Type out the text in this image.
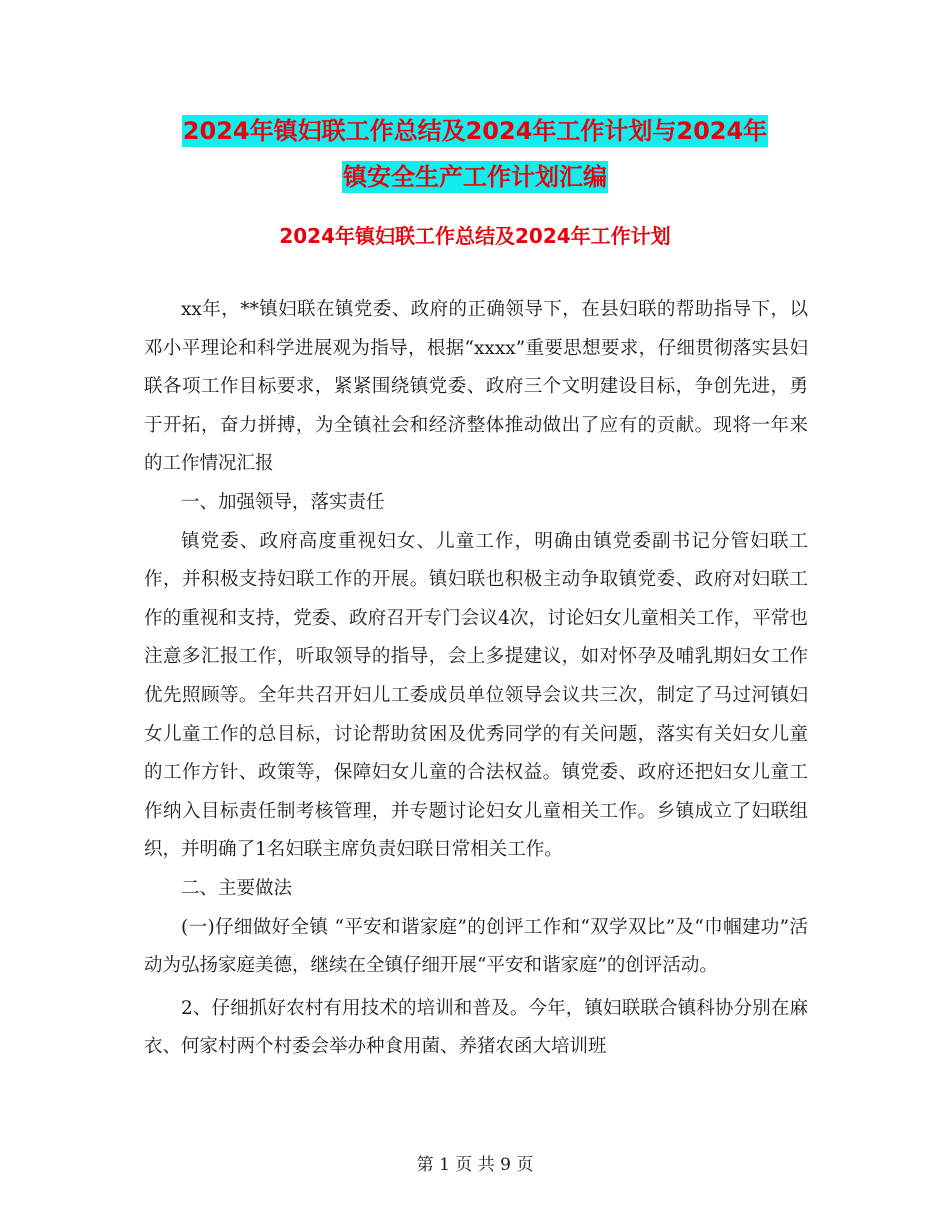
2024年镇妇联工作总结及2024年工作计划与2024年
镇安全生产工作计划汇编
2024年镇妇联工作总结及2024年工作计划

xx年，**镇妇联在镇党委、政府的正确领导下，在县妇联的帮助指导下，以邓小平理论和科学进展观为指导，根据“xxxx”重要思想要求，仔细贯彻落实县妇联各项工作目标要求，紧紧围绕镇党委、政府三个文明建设目标，争创先进，勇于开拓，奋力拼搏，为全镇社会和经济整体推动做出了应有的贡献。现将一年来的工作情况汇报

一、加强领导，落实责任

镇党委、政府高度重视妇女、儿童工作，明确由镇党委副书记分管妇联工作，并积极支持妇联工作的开展。镇妇联也积极主动争取镇党委、政府对妇联工作的重视和支持，党委、政府召开专门会议4次，讨论妇女儿童相关工作，平常也注意多汇报工作，听取领导的指导，会上多提建议，如对怀孕及哺乳期妇女工作优先照顾等。全年共召开妇儿工委成员单位领导会议共三次，制定了马过河镇妇女儿童工作的总目标，讨论帮助贫困及优秀同学的有关问题，落实有关妇女儿童的工作方针、政策等，保障妇女儿童的合法权益。镇党委、政府还把妇女儿童工作纳入目标责任制考核管理，并专题讨论妇女儿童相关工作。乡镇成立了妇联组织，并明确了1名妇联主席负责妇联日常相关工作。

二、主要做法

(一)仔细做好全镇 “平安和谐家庭”的创评工作和“双学双比”及“巾帼建功”活动为弘扬家庭美德，继续在全镇仔细开展“平安和谐家庭”的创评活动。

2、仔细抓好农村有用技术的培训和普及。今年，镇妇联联合镇科协分别在麻衣、何家村两个村委会举办种食用菌、养猪农函大培训班

第 1 页 共 9 页
